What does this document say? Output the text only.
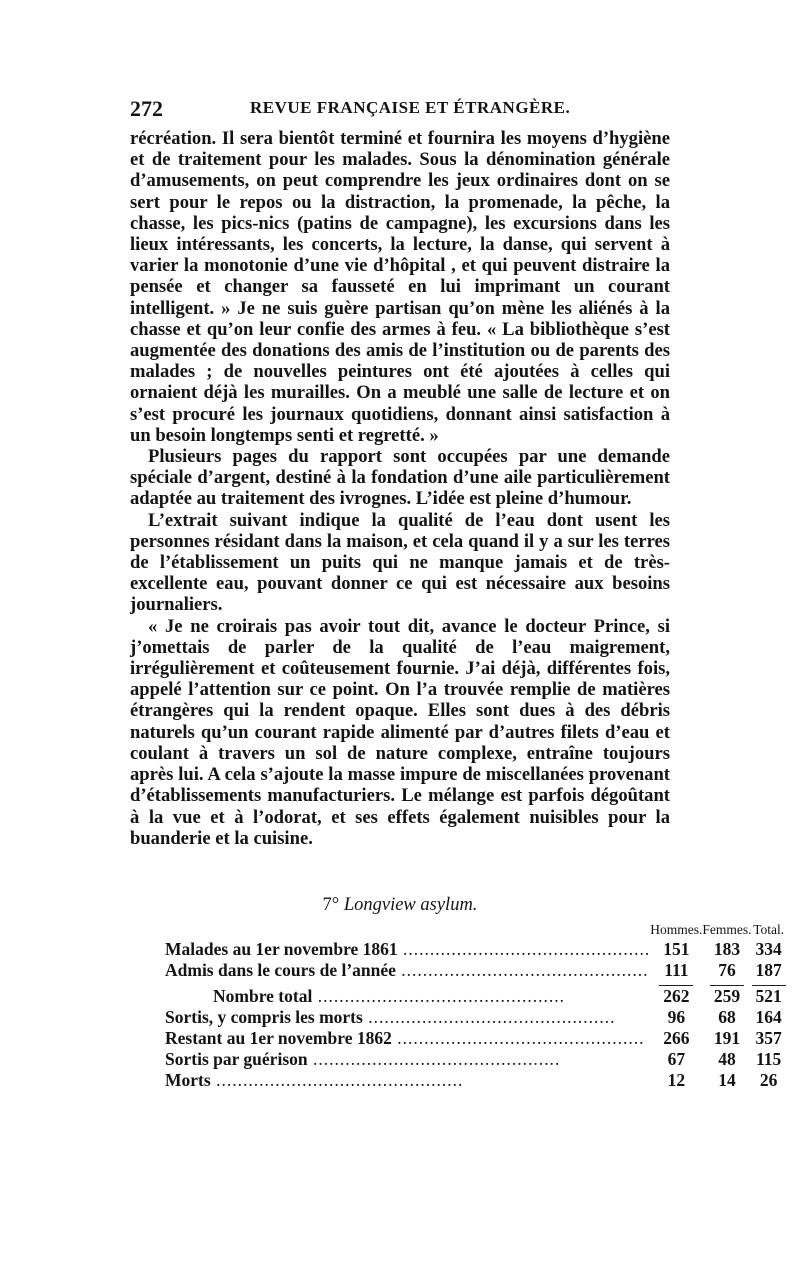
272	REVUE FRANÇAISE ET ÉTRANGÈRE.

récréation. Il sera bientôt terminé et fournira les moyens d’hygiène et de traitement pour les malades. Sous la dénomination générale d’amusements, on peut comprendre les jeux ordinaires dont on se sert pour le repos ou la distraction, la promenade, la pêche, la chasse, les pics-nics (patins de campagne), les excursions dans les lieux intéressants, les concerts, la lecture, la danse, qui servent à varier la monotonie d’une vie d’hôpital , et qui peuvent distraire la pensée et changer sa fausseté en lui imprimant un courant intelligent. » Je ne suis guère partisan qu’on mène les aliénés à la chasse et qu’on leur confie des armes à feu. « La bibliothèque s’est augmentée des donations des amis de l’institution ou de parents des malades ; de nouvelles peintures ont été ajoutées à celles qui ornaient déjà les murailles. On a meublé une salle de lecture et on s’est procuré les journaux quotidiens, donnant ainsi satisfaction à un besoin longtemps senti et regretté. »

Plusieurs pages du rapport sont occupées par une demande spéciale d’argent, destiné à la fondation d’une aile particulièrement adaptée au traitement des ivrognes. L’idée est pleine d’humour.

L’extrait suivant indique la qualité de l’eau dont usent les personnes résidant dans la maison, et cela quand il y a sur les terres de l’établissement un puits qui ne manque jamais et de très-excellente eau, pouvant donner ce qui est nécessaire aux besoins journaliers.

« Je ne croirais pas avoir tout dit, avance le docteur Prince, si j’omettais de parler de la qualité de l’eau maigrement, irrégulièrement et coûteusement fournie. J’ai déjà, différentes fois, appelé l’attention sur ce point. On l’a trouvée remplie de matières étrangères qui la rendent opaque. Elles sont dues à des débris naturels qu’un courant rapide alimenté par d’autres filets d’eau et coulant à travers un sol de nature complexe, entraîne toujours après lui. A cela s’ajoute la masse impure de miscellanées provenant d’établissements manufacturiers. Le mélange est parfois dégoûtant à la vue et à l’odorat, et ses effets également nuisibles pour la buanderie et la cuisine.

7° Longview asylum.
	Hommes.	Femmes.	Total.
Malades au 1er novembre 1861 .....	151	183	334
Admis dans le cours de l’année .....	111	76	187
Nombre total .....	262	259	521
Sortis, y compris les morts .....	96	68	164
Restant au 1er novembre 1862 .....	266	191	357
Sortis par guérison .....	67	48	115
Morts .....	12	14	26
